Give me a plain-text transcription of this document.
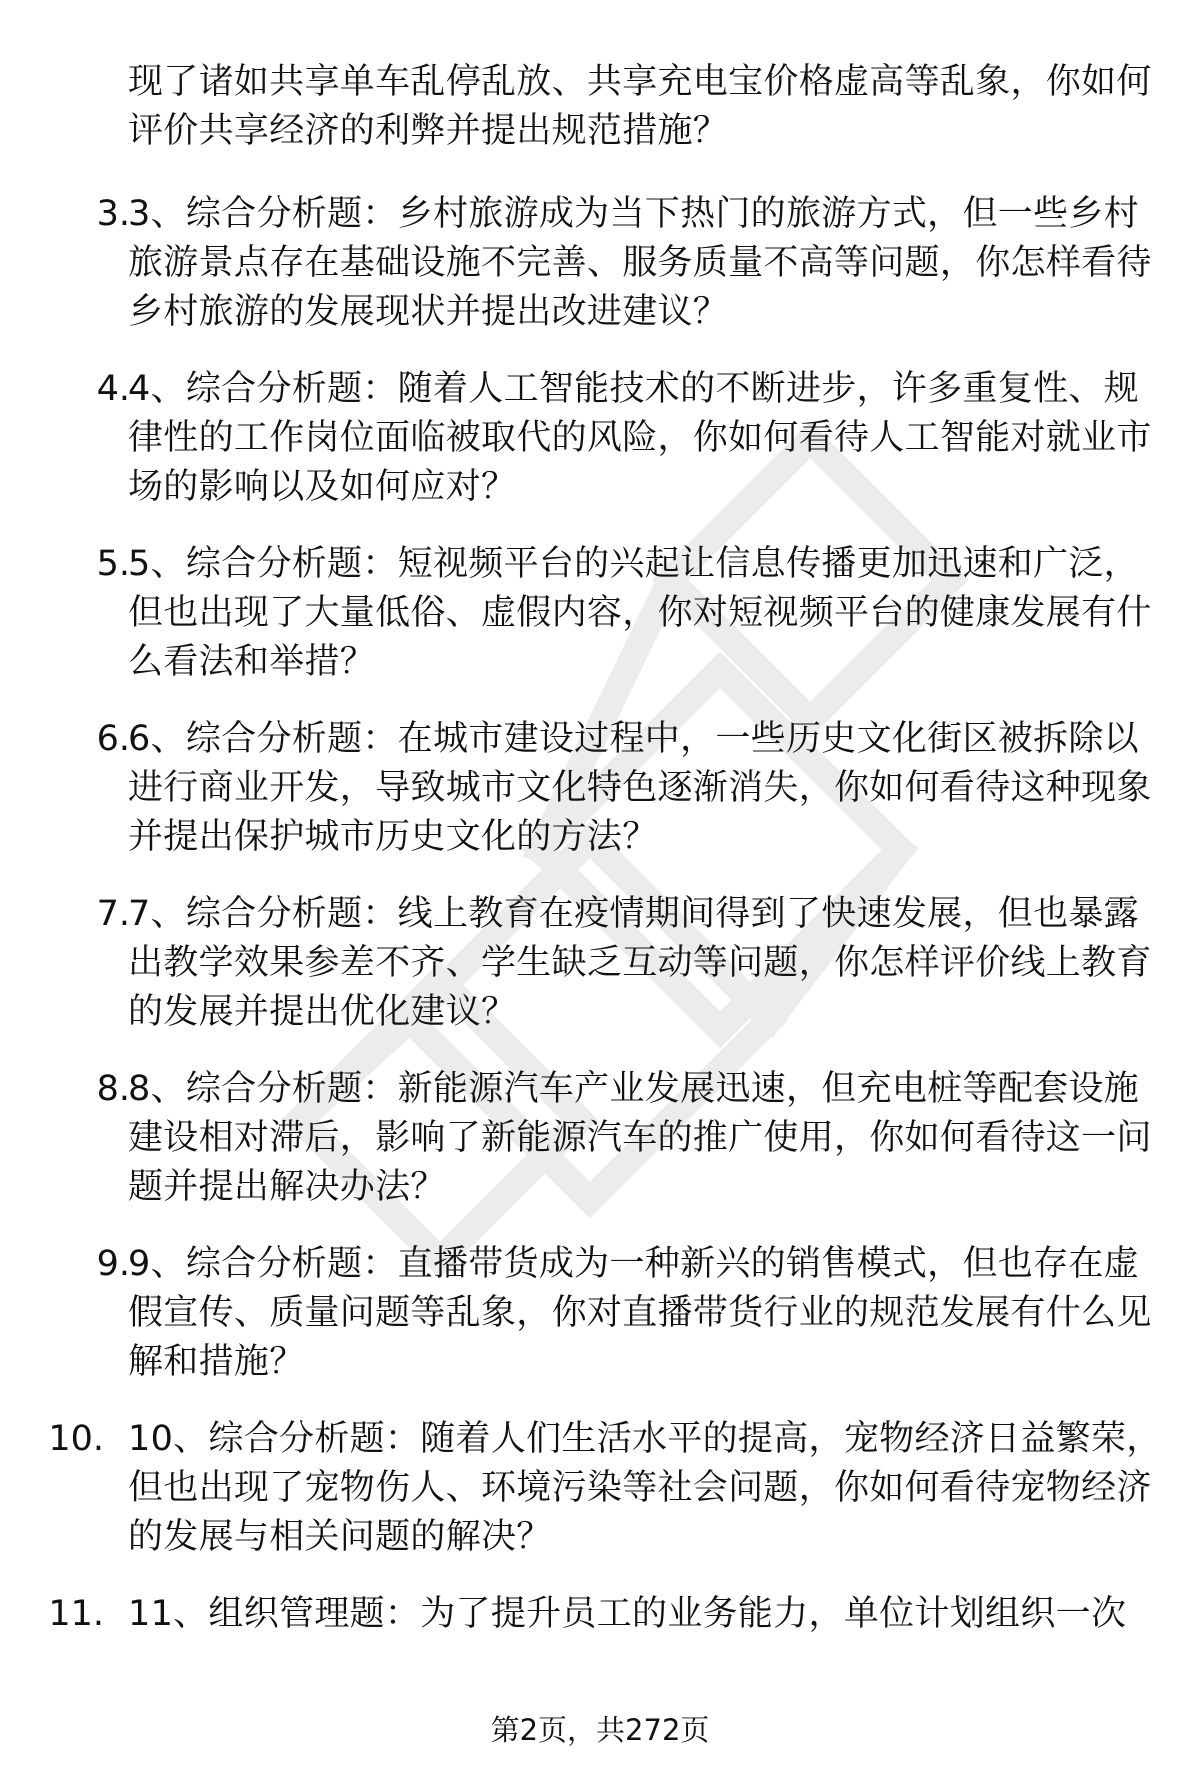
现了诸如共享单车乱停乱放、共享充电宝价格虚高等乱象，你如何评价共享经济的利弊并提出规范措施？
3.
3、综合分析题：乡村旅游成为当下热门的旅游方式，但一些乡村旅游景点存在基础设施不完善、服务质量不高等问题，你怎样看待乡村旅游的发展现状并提出改进建议？
4.
4、综合分析题：随着人工智能技术的不断进步，许多重复性、规律性的工作岗位面临被取代的风险，你如何看待人工智能对就业市场的影响以及如何应对？
5.
5、综合分析题：短视频平台的兴起让信息传播更加迅速和广泛，但也出现了大量低俗、虚假内容，你对短视频平台的健康发展有什么看法和举措？
6.
6、综合分析题：在城市建设过程中，一些历史文化街区被拆除以进行商业开发，导致城市文化特色逐渐消失，你如何看待这种现象并提出保护城市历史文化的方法？
7.
7、综合分析题：线上教育在疫情期间得到了快速发展，但也暴露出教学效果参差不齐、学生缺乏互动等问题，你怎样评价线上教育的发展并提出优化建议？
8.
8、综合分析题：新能源汽车产业发展迅速，但充电桩等配套设施建设相对滞后，影响了新能源汽车的推广使用，你如何看待这一问题并提出解决办法？
9.
9、综合分析题：直播带货成为一种新兴的销售模式，但也存在虚假宣传、质量问题等乱象，你对直播带货行业的规范发展有什么见解和措施？
10. 10、综合分析题：随着人们生活水平的提高，宠物经济日益繁荣，但也出现了宠物伤人、环境污染等社会问题，你如何看待宠物经济的发展与相关问题的解决？
11. 11、组织管理题：为了提升员工的业务能力，单位计划组织一次
第2页，共272页
